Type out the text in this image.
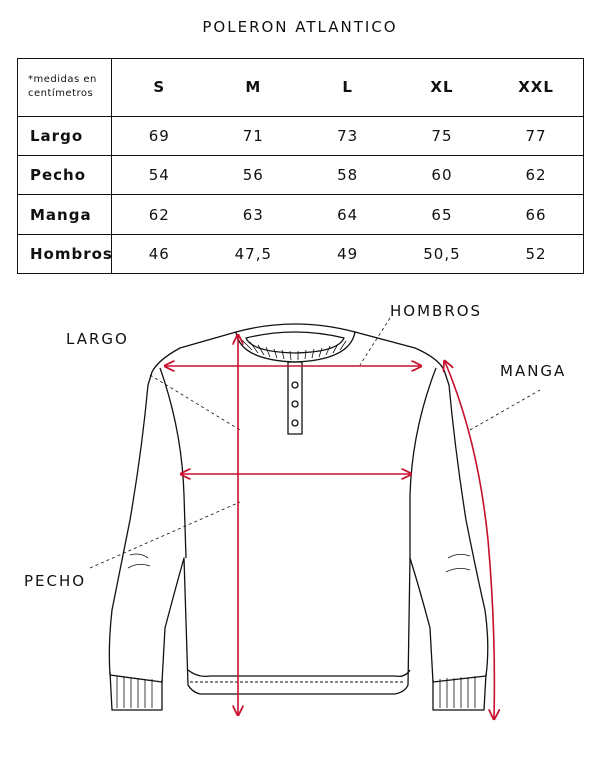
POLERON ATLANTICO
*medidas en centímetros	S	M	L	XL	XXL
Largo	69	71	73	75	77
Pecho	54	56	58	60	62
Manga	62	63	64	65	66
Hombros	46	47,5	49	50,5	52
LARGO
HOMBROS
MANGA
PECHO
